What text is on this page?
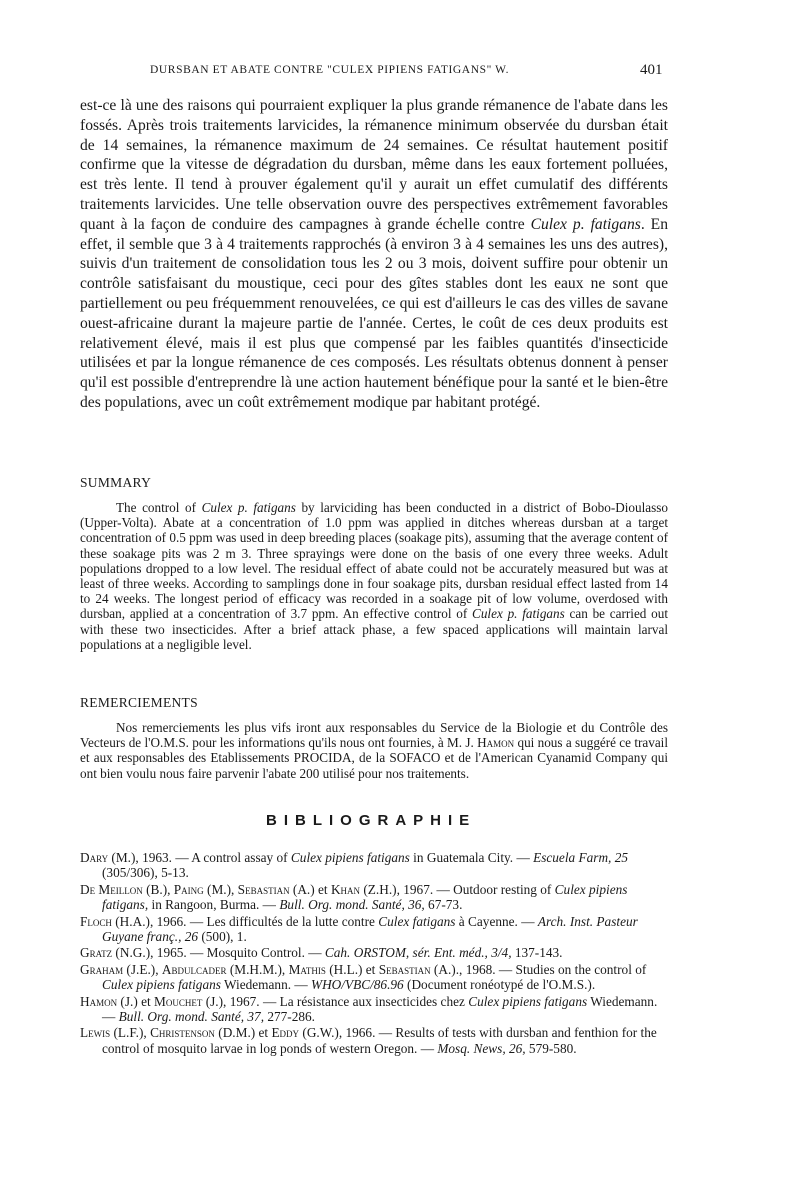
DURSBAN ET ABATE CONTRE "CULEX PIPIENS FATIGANS" W.	401

est-ce là une des raisons qui pourraient expliquer la plus grande rémanence de l'abate dans les fossés. Après trois traitements larvicides, la rémanence minimum observée du dursban était de 14 semaines, la rémanence maximum de 24 semaines. Ce résultat hautement positif confirme que la vitesse de dégradation du dursban, même dans les eaux fortement polluées, est très lente. Il tend à prouver également qu'il y aurait un effet cumulatif des différents traitements larvicides. Une telle observation ouvre des perspectives extrêmement favorables quant à la façon de conduire des campagnes à grande échelle contre Culex p. fatigans. En effet, il semble que 3 à 4 traitements rapprochés (à environ 3 à 4 semaines les uns des autres), suivis d'un traitement de consolidation tous les 2 ou 3 mois, doivent suffire pour obtenir un contrôle satisfaisant du moustique, ceci pour des gîtes stables dont les eaux ne sont que partiellement ou peu fréquemment renouvelées, ce qui est d'ailleurs le cas des villes de savane ouest-africaine durant la majeure partie de l'année. Certes, le coût de ces deux produits est relativement élevé, mais il est plus que compensé par les faibles quantités d'insecticide utilisées et par la longue rémanence de ces composés. Les résultats obtenus donnent à penser qu'il est possible d'entreprendre là une action hautement bénéfique pour la santé et le bien-être des populations, avec un coût extrêmement modique par habitant protégé.

SUMMARY

The control of Culex p. fatigans by larviciding has been conducted in a district of Bobo-Dioulasso (Upper-Volta). Abate at a concentration of 1.0 ppm was applied in ditches whereas dursban at a target concentration of 0.5 ppm was used in deep breeding places (soakage pits), assuming that the average content of these soakage pits was 2 m 3. Three sprayings were done on the basis of one every three weeks. Adult populations dropped to a low level. The residual effect of abate could not be accurately measured but was at least of three weeks. According to samplings done in four soakage pits, dursban residual effect lasted from 14 to 24 weeks. The longest period of efficacy was recorded in a soakage pit of low volume, overdosed with dursban, applied at a concentration of 3.7 ppm. An effective control of Culex p. fatigans can be carried out with these two insecticides. After a brief attack phase, a few spaced applications will maintain larval populations at a negligible level.

REMERCIEMENTS

Nos remerciements les plus vifs iront aux responsables du Service de la Biologie et du Contrôle des Vecteurs de l'O.M.S. pour les informations qu'ils nous ont fournies, à M. J. Hamon qui nous a suggéré ce travail et aux responsables des Etablissements PROCIDA, de la SOFACO et de l'American Cyanamid Company qui ont bien voulu nous faire parvenir l'abate 200 utilisé pour nos traitements.

BIBLIOGRAPHIE

Dary (M.), 1963. — A control assay of Culex pipiens fatigans in Guatemala City. — Escuela Farm, 25 (305/306), 5-13.

De Meillon (B.), Paing (M.), Sebastian (A.) et Khan (Z.H.), 1967. — Outdoor resting of Culex pipiens fatigans, in Rangoon, Burma. — Bull. Org. mond. Santé, 36, 67-73.

Floch (H.A.), 1966. — Les difficultés de la lutte contre Culex fatigans à Cayenne. — Arch. Inst. Pasteur Guyane franç., 26 (500), 1.

Gratz (N.G.), 1965. — Mosquito Control. — Cah. ORSTOM, sér. Ent. méd., 3/4, 137-143.

Graham (J.E.), Abdulcader (M.H.M.), Mathis (H.L.) et Sebastian (A.)., 1968. — Studies on the control of Culex pipiens fatigans Wiedemann. — WHO/VBC/86.96 (Document ronéotypé de l'O.M.S.).

Hamon (J.) et Mouchet (J.), 1967. — La résistance aux insecticides chez Culex pipiens fatigans Wiedemann. — Bull. Org. mond. Santé, 37, 277-286.

Lewis (L.F.), Christenson (D.M.) et Eddy (G.W.), 1966. — Results of tests with dursban and fenthion for the control of mosquito larvae in log ponds of western Oregon. — Mosq. News, 26, 579-580.
